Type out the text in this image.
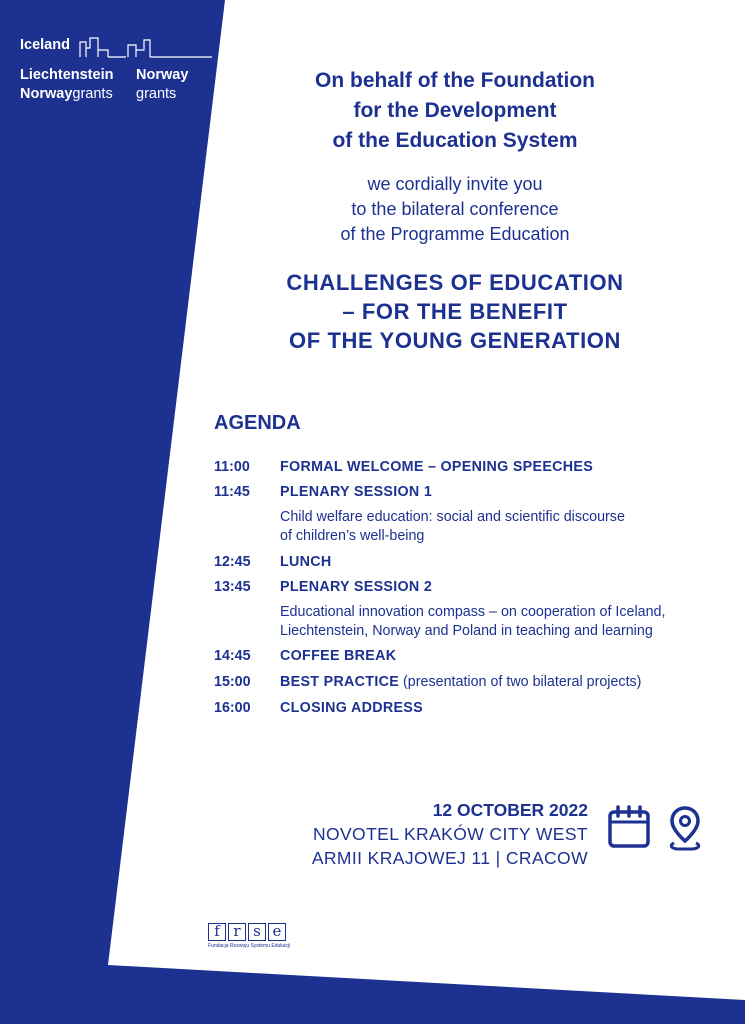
Iceland
Liechtenstein
Norwaygrants
Norway
grants
On behalf of the Foundation
for the Development
of the Education System
we cordially invite you
to the bilateral conference
of the Programme Education
CHALLENGES OF EDUCATION
– FOR THE BENEFIT
OF THE YOUNG GENERATION
AGENDA
11:00 FORMAL WELCOME – OPENING SPEECHES
11:45 PLENARY SESSION 1
Child welfare education: social and scientific discourse
of children’s well-being
12:45 LUNCH
13:45 PLENARY SESSION 2
Educational innovation compass – on cooperation of Iceland,
Liechtenstein, Norway and Poland in teaching and learning
14:45 COFFEE BREAK
15:00 BEST PRACTICE (presentation of two bilateral projects)
16:00 CLOSING ADDRESS
12 OCTOBER 2022
NOVOTEL KRAKÓW CITY WEST
ARMII KRAJOWEJ 11 | CRACOW
f r s e
Fundacja Rozwoju Systemu Edukacji
